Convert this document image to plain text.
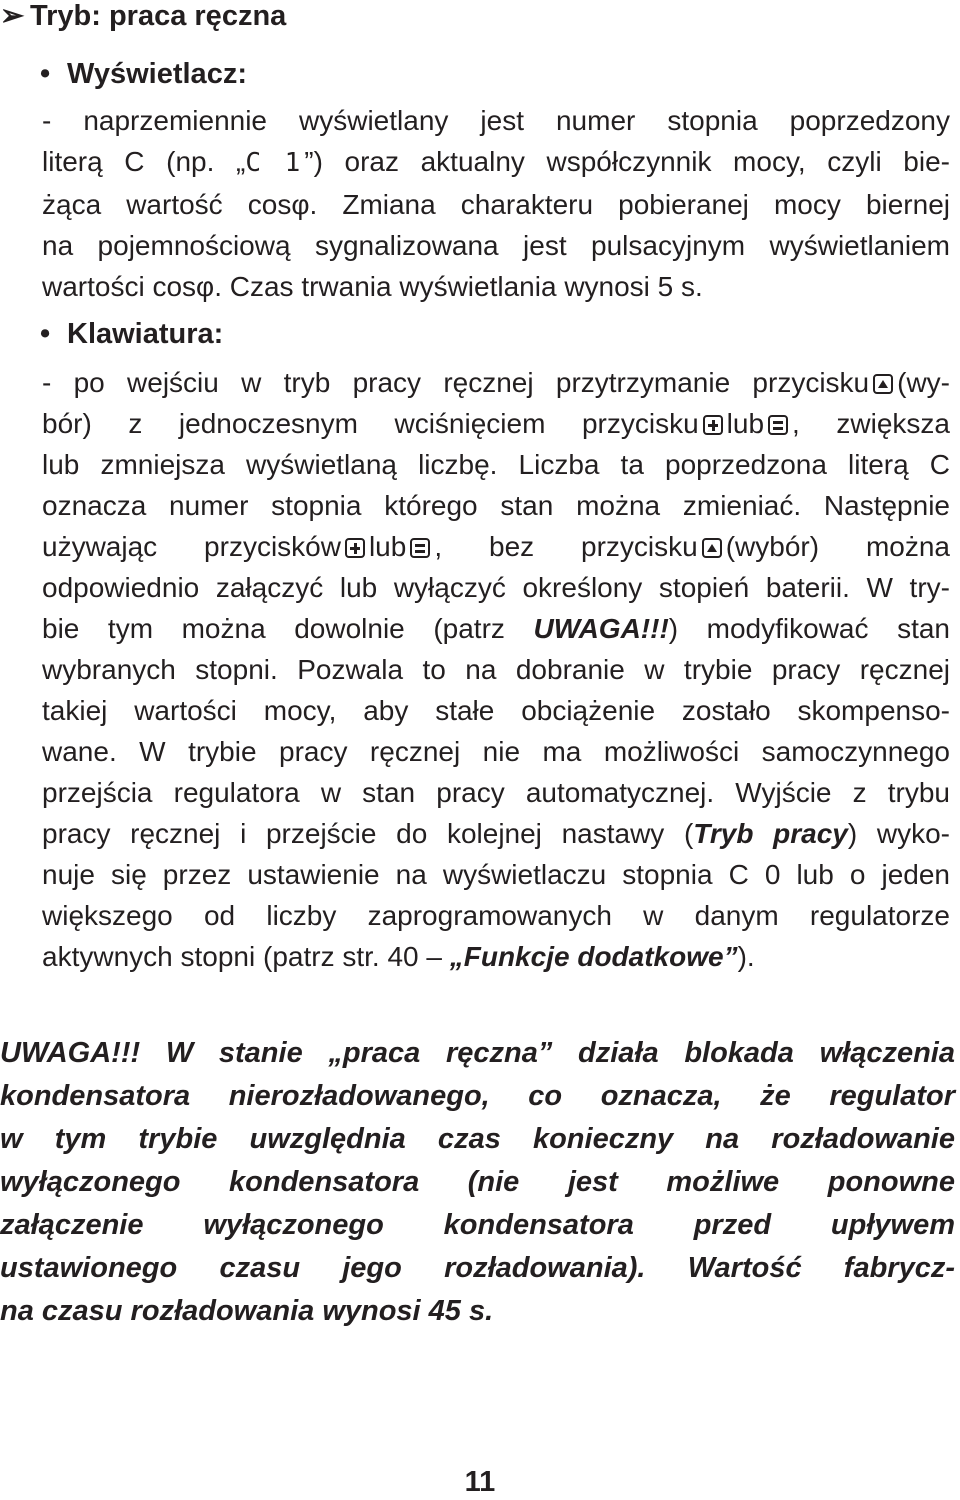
➢ Tryb: praca ręczna
• Wyświetlacz:
- naprzemiennie wyświetlany jest numer stopnia poprzedzony
literą C (np. „C 1”) oraz aktualny współczynnik mocy, czyli bie-
żąca wartość cosφ. Zmiana charakteru pobieranej mocy biernej
na pojemnościową sygnalizowana jest pulsacyjnym wyświetlaniem
wartości cosφ. Czas trwania wyświetlania wynosi 5 s.
• Klawiatura:
- po wejściu w tryb pracy ręcznej przytrzymanie przycisku (wy-
bór) z jednoczesnym wciśnięciem przycisku lub , zwiększa
lub zmniejsza wyświetlaną liczbę. Liczba ta poprzedzona literą C
oznacza numer stopnia którego stan można zmieniać. Następnie
używając przycisków lub , bez przycisku (wybór) można
odpowiednio załączyć lub wyłączyć określony stopień baterii. W try-
bie tym można dowolnie (patrz UWAGA!!!) modyfikować stan
wybranych stopni. Pozwala to na dobranie w trybie pracy ręcznej
takiej wartości mocy, aby stałe obciążenie zostało skompenso-
wane. W trybie pracy ręcznej nie ma możliwości samoczynnego
przejścia regulatora w stan pracy automatycznej. Wyjście z trybu
pracy ręcznej i przejście do kolejnej nastawy (Tryb pracy) wyko-
nuje się przez ustawienie na wyświetlaczu stopnia C 0 lub o jeden
większego od liczby zaprogramowanych w danym regulatorze
aktywnych stopni (patrz str. 40 – „Funkcje dodatkowe”).
UWAGA!!! W stanie „praca ręczna” działa blokada włączenia
kondensatora nierozładowanego, co oznacza, że regulator
w tym trybie uwzględnia czas konieczny na rozładowanie
wyłączonego kondensatora (nie jest możliwe ponowne
załączenie wyłączonego kondensatora przed upływem
ustawionego czasu jego rozładowania). Wartość fabrycz-
na czasu rozładowania wynosi 45 s.
11
